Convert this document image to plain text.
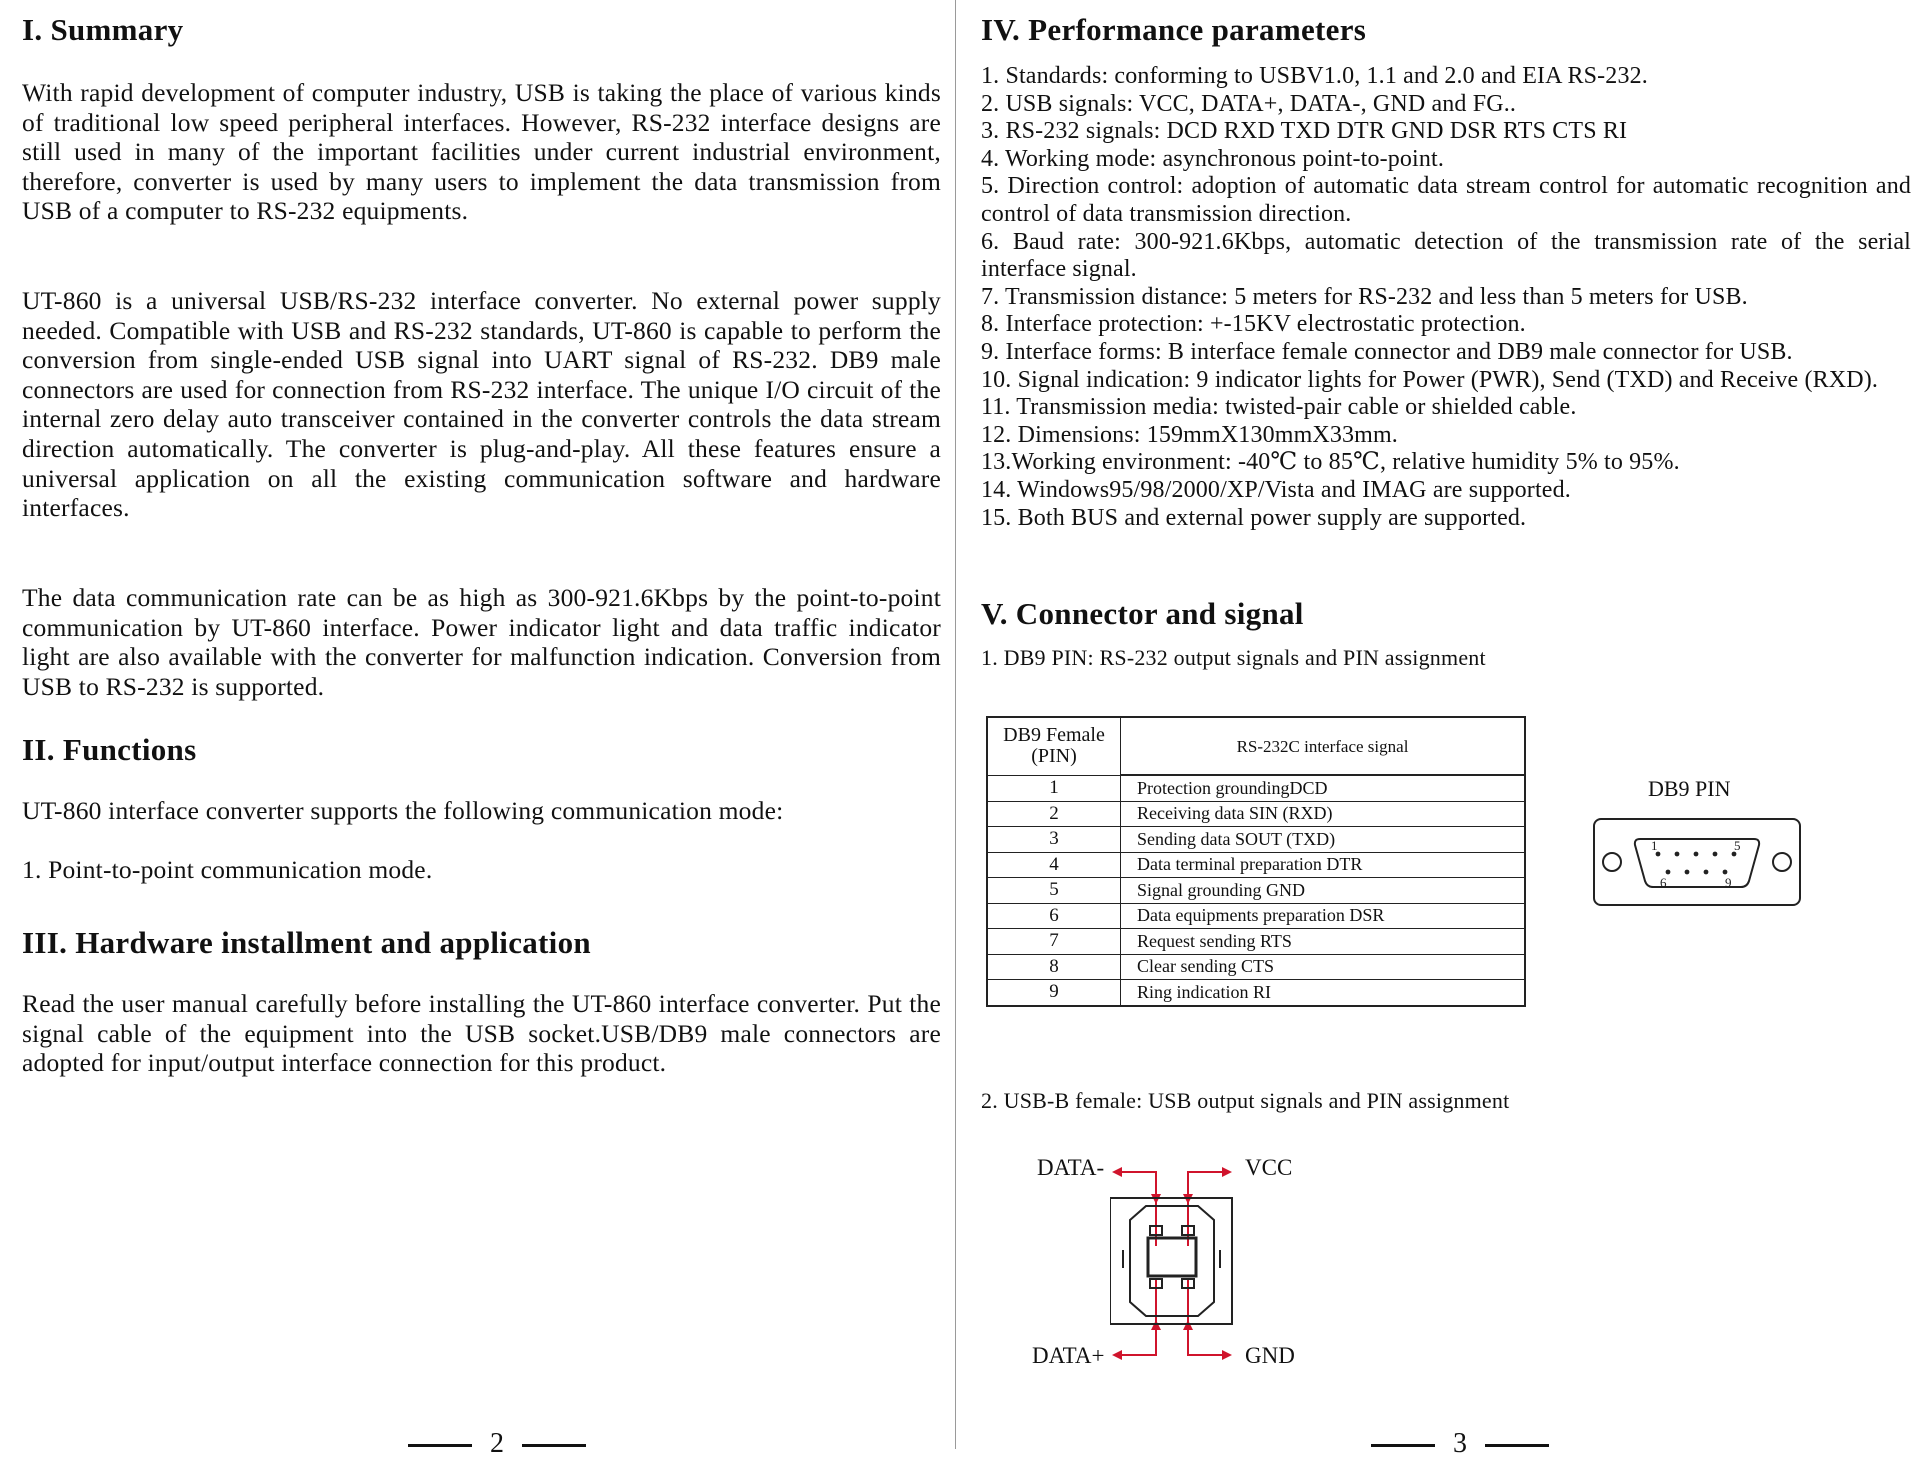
I. Summary

With rapid development of computer industry, USB is taking the place of various kinds of traditional low speed peripheral interfaces. However, RS-232 interface designs are still used in many of the important facilities under current industrial environment, therefore, converter is used by many users to implement the data transmission from USB of a computer to RS-232 equipments.

UT-860 is a universal USB/RS-232 interface converter. No external power supply needed. Compatible with USB and RS-232 standards, UT-860 is capable to perform the conversion from single-ended USB signal into UART signal of RS-232. DB9 male connectors are used for connection from RS-232 interface. The unique I/O circuit of the internal zero delay auto transceiver contained in the converter controls the data stream direction automatically. The converter is plug-and-play. All these features ensure a universal application on all the existing communication software and hardware interfaces.

The data communication rate can be as high as 300-921.6Kbps by the point-to-point communication by UT-860 interface. Power indicator light and data traffic indicator light are also available with the converter for malfunction indication. Conversion from USB to RS-232 is supported.

II. Functions

UT-860 interface converter supports the following communication mode:

1. Point-to-point communication mode.

III. Hardware installment and application

Read the user manual carefully before installing the UT-860 interface converter. Put the signal cable of the equipment into the USB socket.USB/DB9 male connectors are adopted for input/output interface connection for this product.

2
IV. Performance parameters
1. Standards: conforming to USBV1.0, 1.1 and 2.0 and EIA RS-232.
2. USB signals: VCC, DATA+, DATA-, GND and FG..
3. RS-232 signals: DCD RXD TXD DTR GND DSR RTS CTS RI
4. Working mode: asynchronous point-to-point.
5. Direction control: adoption of automatic data stream control for automatic recognition and control of data transmission direction.
6. Baud rate: 300-921.6Kbps, automatic detection of the transmission rate of the serial interface signal.
7. Transmission distance: 5 meters for RS-232 and less than 5 meters for USB.
8. Interface protection: +-15KV electrostatic protection.
9. Interface forms: B interface female connector and DB9 male connector for USB.
10. Signal indication: 9 indicator lights for Power (PWR), Send (TXD) and Receive (RXD).
11. Transmission media: twisted-pair cable or shielded cable.
12. Dimensions: 159mmX130mmX33mm.
13.Working environment: -40℃ to 85℃, relative humidity 5% to 95%.
14. Windows95/98/2000/XP/Vista and IMAG are supported.
15. Both BUS and external power supply are supported.
V. Connector and signal

1. DB9 PIN: RS-232 output signals and PIN assignment

DB9 Female (PIN)	RS-232C interface signal
1	Protection groundingDCD
2	Receiving data SIN (RXD)
3	Sending data SOUT (TXD)
4	Data terminal preparation DTR
5	Signal grounding GND
6	Data equipments preparation DSR
7	Request sending RTS
8	Clear sending CTS
9	Ring indication RI

2. USB-B female: USB output signals and PIN assignment

3
DB9 PIN
1	5
6	9
DATA-	VCC
DATA+	GND
